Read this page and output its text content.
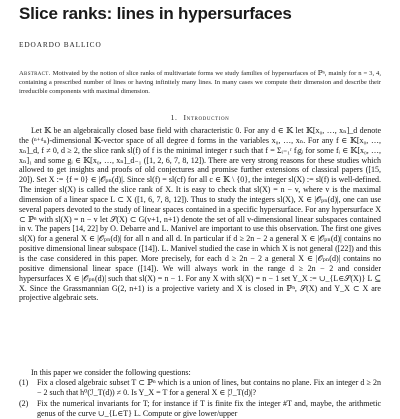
Slice ranks: lines in hypersurfaces
EDOARDO BALLICO

Abstract. Motivated by the notion of slice ranks of multivariate forms we study families of hypersurfaces of ℙⁿ, mainly for n = 3, 4, containing a prescribed number of lines or having infinitely many lines. In many cases we compute their dimension and describe their irreducible components with maximal dimension.

1. Introduction

Let 𝕂 be an algebraically closed base field with characteristic 0. For any d ∈ 𝕂 let 𝕂[x₀, …, xₙ]_d denote the (ⁿ⁺ᵈₙ)-dimensional 𝕂-vector space of all degree d forms in the variables x₀, …, xₙ. For any f ∈ 𝕂[x₀, …, xₙ]_d, f ≠ 0, d ≥ 2, the slice rank sl(f) of f is the minimal integer r such that f = Σᵢ₌₁ʳ fᵢgᵢ for some fᵢ ∈ 𝕂[x₀, …, xₙ]₁ and some gᵢ ∈ 𝕂[x₀, …, xₙ]_d₋₁ ([1, 2, 6, 7, 8, 12]). There are very strong reasons for these studies which allowed to get insights and proofs of old conjectures and promise further extensions of classical papers ([15, 20]). Set X := {f = 0} ∈ |𝒪ₚₙ(d)|. Since sl(f) = sl(cf) for all c ∈ 𝕂 \ {0}, the integer sl(X) := sl(f) is well-defined. The integer sl(X) is called the slice rank of X. It is easy to check that sl(X) = n − v, where v is the maximal dimension of a linear space L ⊂ X ([1, 6, 7, 8, 12]). Thus to study the integers sl(X), X ∈ |𝒪ₚₙ(d)|, one can use several papers devoted to the study of linear spaces contained in a specific hypersurface. For any hypersurface X ⊂ ℙⁿ with sl(X) = n − v let 𝒮(X) ⊂ G(v+1, n+1) denote the set of all v-dimensional linear subspaces contained in v. The papers [14, 22] by O. Debarre and L. Manivel are important to use this observation. The first one gives sl(X) for a general X ∈ |𝒪ₚₙ(d)| for all n and all d. In particular if d ≥ 2n − 2 a general X ∈ |𝒪ₚₙ(d)| contains no positive dimensional linear subspace ([14]). L. Manivel studied the case in which X is not general ([22]) and this is the case considered in this paper. More precisely, for each d ≥ 2n − 2 a general X ∈ |𝒪ₚₙ(d)| contains no positive dimensional linear space ([14]). We will always work in the range d ≥ 2n − 2 and consider hypersurfaces X ∈ |𝒪ₚₙ(d)| such that sl(X) = n − 1. For any X with sl(X) = n − 1 set Y_X := ∪_{L∈𝒮(X)} L ⊆ X. Since the Grassmannian G(2, n+1) is a projective variety and X is closed in ℙⁿ, 𝒮(X) and Y_X ⊂ X are projective algebraic sets.

In this paper we consider the following questions:

(1) Fix a closed algebraic subset T ⊂ ℙⁿ which is a union of lines, but contains no plane. Fix an integer d ≥ 2n − 2 such that h⁰(ℐ_T(d)) ≠ 0. Is Y_X = T for a general X ∈ |ℐ_T(d)|?
(2) Fix the numerical invariants for T; for instance if T is finite fix the integer #T and, maybe, the arithmetic genus of the curve ∪_{L∈T} L. Compute or give lower/upper
